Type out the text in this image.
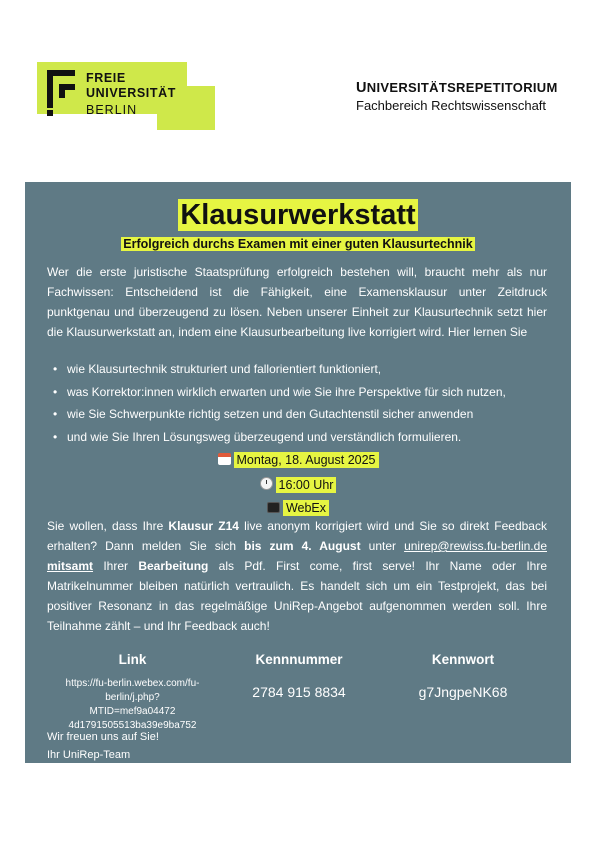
FREIE
UNIVERSITÄT
BERLIN
UNIVERSITÄTSREPETITORIUM
Fachbereich Rechtswissenschaft
Klausurwerkstatt
Erfolgreich durchs Examen mit einer guten Klausurtechnik
Wer die erste juristische Staatsprüfung erfolgreich bestehen will, braucht mehr als nur Fachwissen: Entscheidend ist die Fähigkeit, eine Examensklausur unter Zeitdruck punktgenau und überzeugend zu lösen. Neben unserer Einheit zur Klausurtechnik setzt hier die Klausurwerkstatt an, indem eine Klausurbearbeitung live korrigiert wird. Hier lernen Sie
• wie Klausurtechnik strukturiert und fallorientiert funktioniert,
• was Korrektor:innen wirklich erwarten und wie Sie ihre Perspektive für sich nutzen,
• wie Sie Schwerpunkte richtig setzen und den Gutachtenstil sicher anwenden
• und wie Sie Ihren Lösungsweg überzeugend und verständlich formulieren.
Montag, 18. August 2025
16:00 Uhr
WebEx
Sie wollen, dass Ihre Klausur Z14 live anonym korrigiert wird und Sie so direkt Feedback erhalten? Dann melden Sie sich bis zum 4. August unter unirep@rewiss.fu-berlin.de mitsamt Ihrer Bearbeitung als Pdf. First come, first serve! Ihr Name oder Ihre Matrikelnummer bleiben natürlich vertraulich. Es handelt sich um ein Testprojekt, das bei positiver Resonanz in das regelmäßige UniRep-Angebot aufgenommen werden soll. Ihre Teilnahme zählt – und Ihr Feedback auch!
Link
https://fu-berlin.webex.com/fu-
berlin/j.php?MTID=mef9a04472
4d1791505513ba39e9ba752
Kennnummer
2784 915 8834
Kennwort
g7JngpeNK68
Wir freuen uns auf Sie!
Ihr UniRep-Team
